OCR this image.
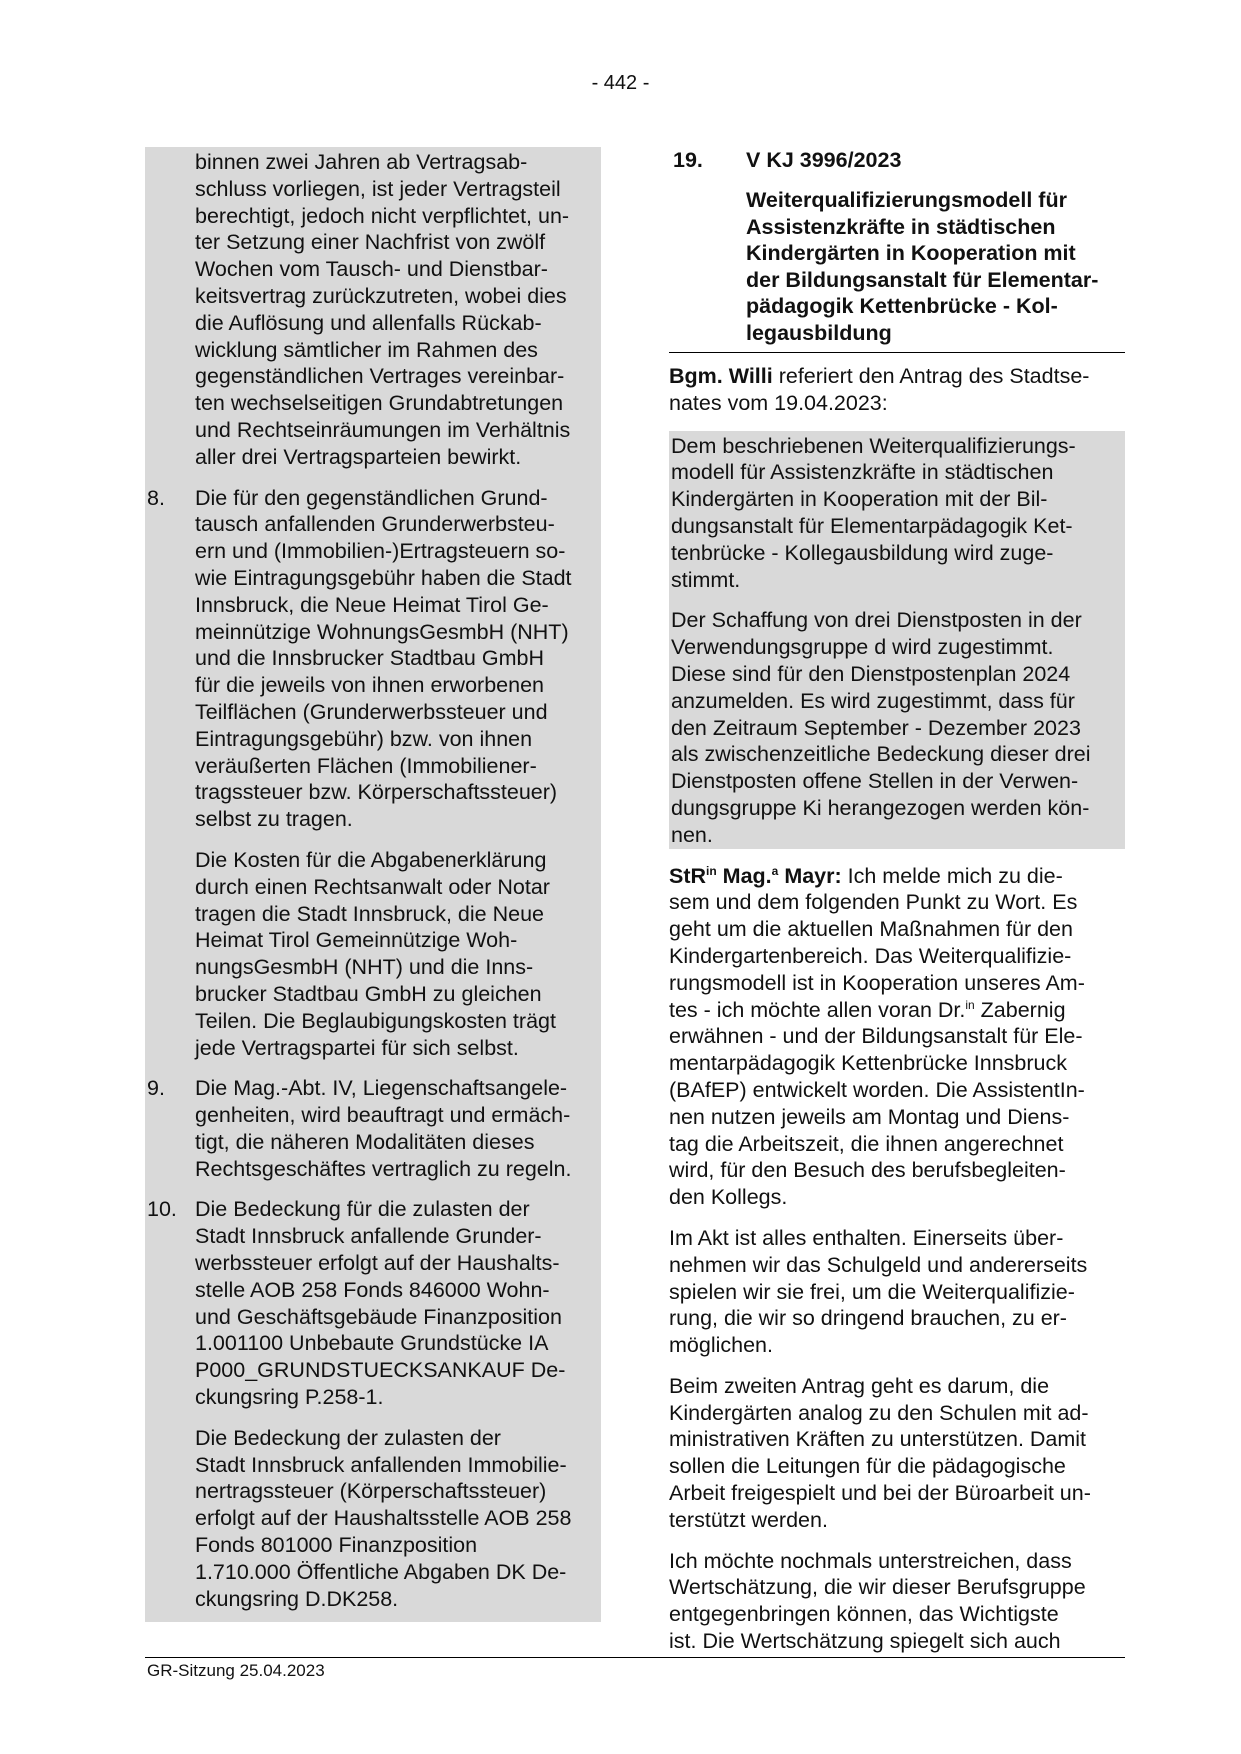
- 442 -
binnen zwei Jahren ab Vertragsab-
schluss vorliegen, ist jeder Vertragsteil
berechtigt, jedoch nicht verpflichtet, un-
ter Setzung einer Nachfrist von zwölf
Wochen vom Tausch- und Dienstbar-
keitsvertrag zurückzutreten, wobei dies
die Auflösung und allenfalls Rückab-
wicklung sämtlicher im Rahmen des
gegenständlichen Vertrages vereinbar-
ten wechselseitigen Grundabtretungen
und Rechtseinräumungen im Verhältnis
aller drei Vertragsparteien bewirkt.
8.	Die für den gegenständlichen Grund-
tausch anfallenden Grunderwerbsteu-
ern und (Immobilien-)Ertragsteuern so-
wie Eintragungsgebühr haben die Stadt
Innsbruck, die Neue Heimat Tirol Ge-
meinnützige WohnungsGesmbH (NHT)
und die Innsbrucker Stadtbau GmbH
für die jeweils von ihnen erworbenen
Teilflächen (Grunderwerbssteuer und
Eintragungsgebühr) bzw. von ihnen
veräußerten Flächen (Immobiliener-
tragssteuer bzw. Körperschaftssteuer)
selbst zu tragen.
Die Kosten für die Abgabenerklärung
durch einen Rechtsanwalt oder Notar
tragen die Stadt Innsbruck, die Neue
Heimat Tirol Gemeinnützige Woh-
nungsGesmbH (NHT) und die Inns-
brucker Stadtbau GmbH zu gleichen
Teilen. Die Beglaubigungskosten trägt
jede Vertragspartei für sich selbst.
9.	Die Mag.-Abt. IV, Liegenschaftsangele-
genheiten, wird beauftragt und ermäch-
tigt, die näheren Modalitäten dieses
Rechtsgeschäftes vertraglich zu regeln.
10. Die Bedeckung für die zulasten der
Stadt Innsbruck anfallende Grunder-
werbssteuer erfolgt auf der Haushalts-
stelle AOB 258 Fonds 846000 Wohn-
und Geschäftsgebäude Finanzposition
1.001100 Unbebaute Grundstücke IA
P000_GRUNDSTUECKSANKAUF De-
ckungsring P.258-1.
Die Bedeckung der zulasten der
Stadt Innsbruck anfallenden Immobilie-
nertragssteuer (Körperschaftssteuer)
erfolgt auf der Haushaltsstelle AOB 258
Fonds 801000 Finanzposition
1.710.000 Öffentliche Abgaben DK De-
ckungsring D.DK258.
19. V KJ 3996/2023
Weiterqualifizierungsmodell für
Assistenzkräfte in städtischen
Kindergärten in Kooperation mit
der Bildungsanstalt für Elementar-
pädagogik Kettenbrücke - Kol-
legausbildung
Bgm. Willi referiert den Antrag des Stadtse-
nates vom 19.04.2023:
Dem beschriebenen Weiterqualifizierungs-
modell für Assistenzkräfte in städtischen
Kindergärten in Kooperation mit der Bil-
dungsanstalt für Elementarpädagogik Ket-
tenbrücke - Kollegausbildung wird zuge-
stimmt.
Der Schaffung von drei Dienstposten in der
Verwendungsgruppe d wird zugestimmt.
Diese sind für den Dienstpostenplan 2024
anzumelden. Es wird zugestimmt, dass für
den Zeitraum September - Dezember 2023
als zwischenzeitliche Bedeckung dieser drei
Dienstposten offene Stellen in der Verwen-
dungsgruppe Ki herangezogen werden kön-
nen.
StR$^{in}$ Mag.$^a$ Mayr: Ich melde mich zu die-
sem und dem folgenden Punkt zu Wort. Es
geht um die aktuellen Maßnahmen für den
Kindergartenbereich. Das Weiterqualifizie-
rungsmodell ist in Kooperation unseres Am-
tes - ich möchte allen voran Dr.$^{in}$ Zabernig
erwähnen - und der Bildungsanstalt für Ele-
mentarpädagogik Kettenbrücke Innsbruck
(BAfEP) entwickelt worden. Die AssistentIn-
nen nutzen jeweils am Montag und Diens-
tag die Arbeitszeit, die ihnen angerechnet
wird, für den Besuch des berufsbegleiten-
den Kollegs.
Im Akt ist alles enthalten. Einerseits über-
nehmen wir das Schulgeld und andererseits
spielen wir sie frei, um die Weiterqualifizie-
rung, die wir so dringend brauchen, zu er-
möglichen.
Beim zweiten Antrag geht es darum, die
Kindergärten analog zu den Schulen mit ad-
ministrativen Kräften zu unterstützen. Damit
sollen die Leitungen für die pädagogische
Arbeit freigespielt und bei der Büroarbeit un-
terstützt werden.
Ich möchte nochmals unterstreichen, dass
Wertschätzung, die wir dieser Berufsgruppe
entgegenbringen können, das Wichtigste
ist. Die Wertschätzung spiegelt sich auch
GR-Sitzung 25.04.2023
